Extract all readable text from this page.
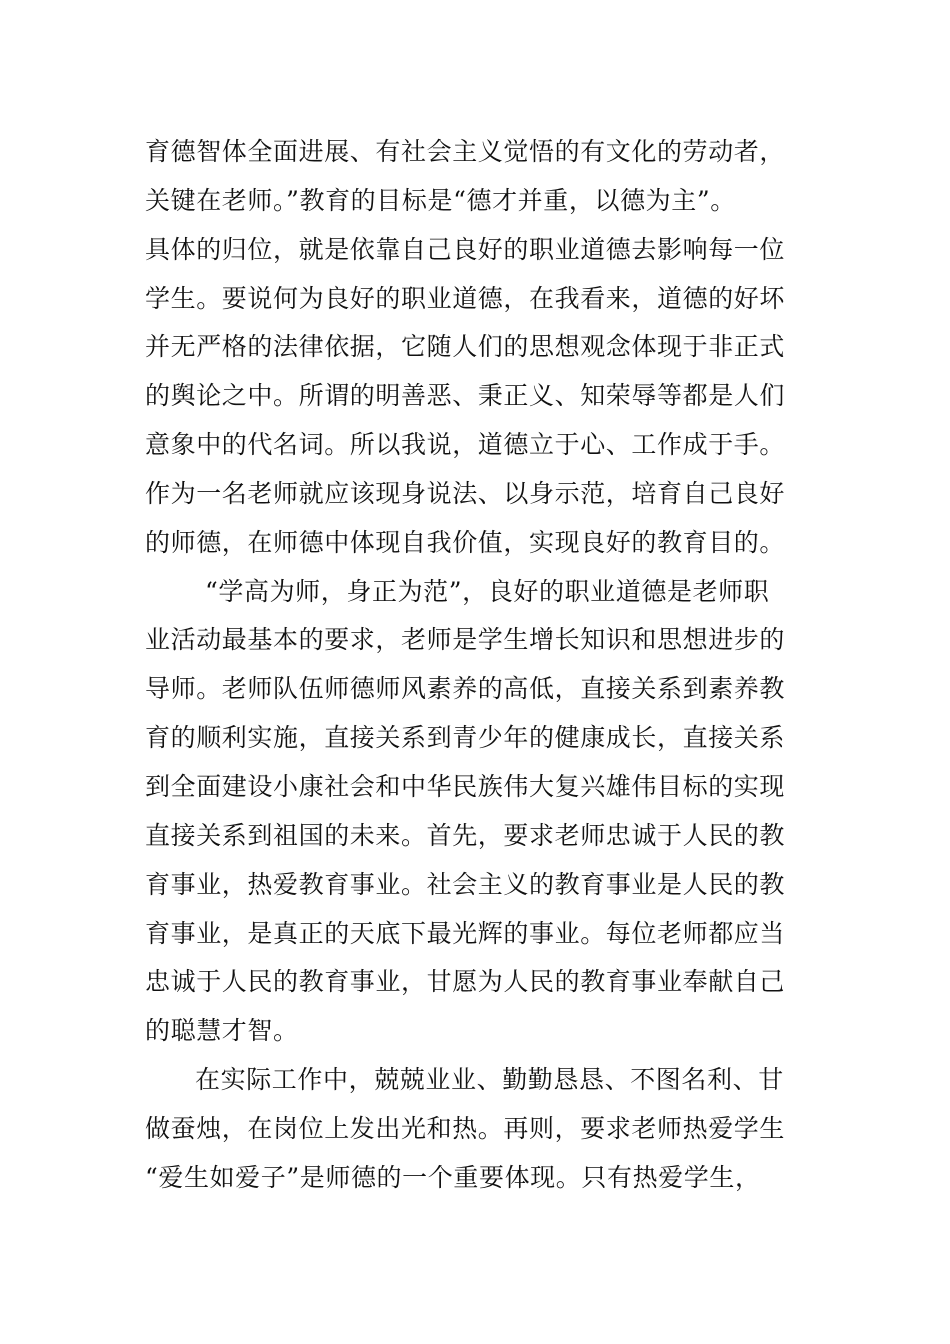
育德智体全面进展、有社会主义觉悟的有文化的劳动者，
关键在老师。”教育的目标是“德才并重，以德为主”。
具体的归位，就是依靠自己良好的职业道德去影响每一位
学生。要说何为良好的职业道德，在我看来，道德的好坏
并无严格的法律依据，它随人们的思想观念体现于非正式
的舆论之中。所谓的明善恶、秉正义、知荣辱等都是人们
意象中的代名词。所以我说，道德立于心、工作成于手。
作为一名老师就应该现身说法、以身示范，培育自己良好
的师德，在师德中体现自我价值，实现良好的教育目的。
“学高为师，身正为范”，良好的职业道德是老师职
业活动最基本的要求，老师是学生增长知识和思想进步的
导师。老师队伍师德师风素养的高低，直接关系到素养教
育的顺利实施，直接关系到青少年的健康成长，直接关系
到全面建设小康社会和中华民族伟大复兴雄伟目标的实现
直接关系到祖国的未来。首先，要求老师忠诚于人民的教
育事业，热爱教育事业。社会主义的教育事业是人民的教
育事业，是真正的天底下最光辉的事业。每位老师都应当
忠诚于人民的教育事业，甘愿为人民的教育事业奉献自己
的聪慧才智。
在实际工作中，兢兢业业、勤勤恳恳、不图名利、甘
做蚕烛，在岗位上发出光和热。再则，要求老师热爱学生
“爱生如爱子”是师德的一个重要体现。只有热爱学生，
